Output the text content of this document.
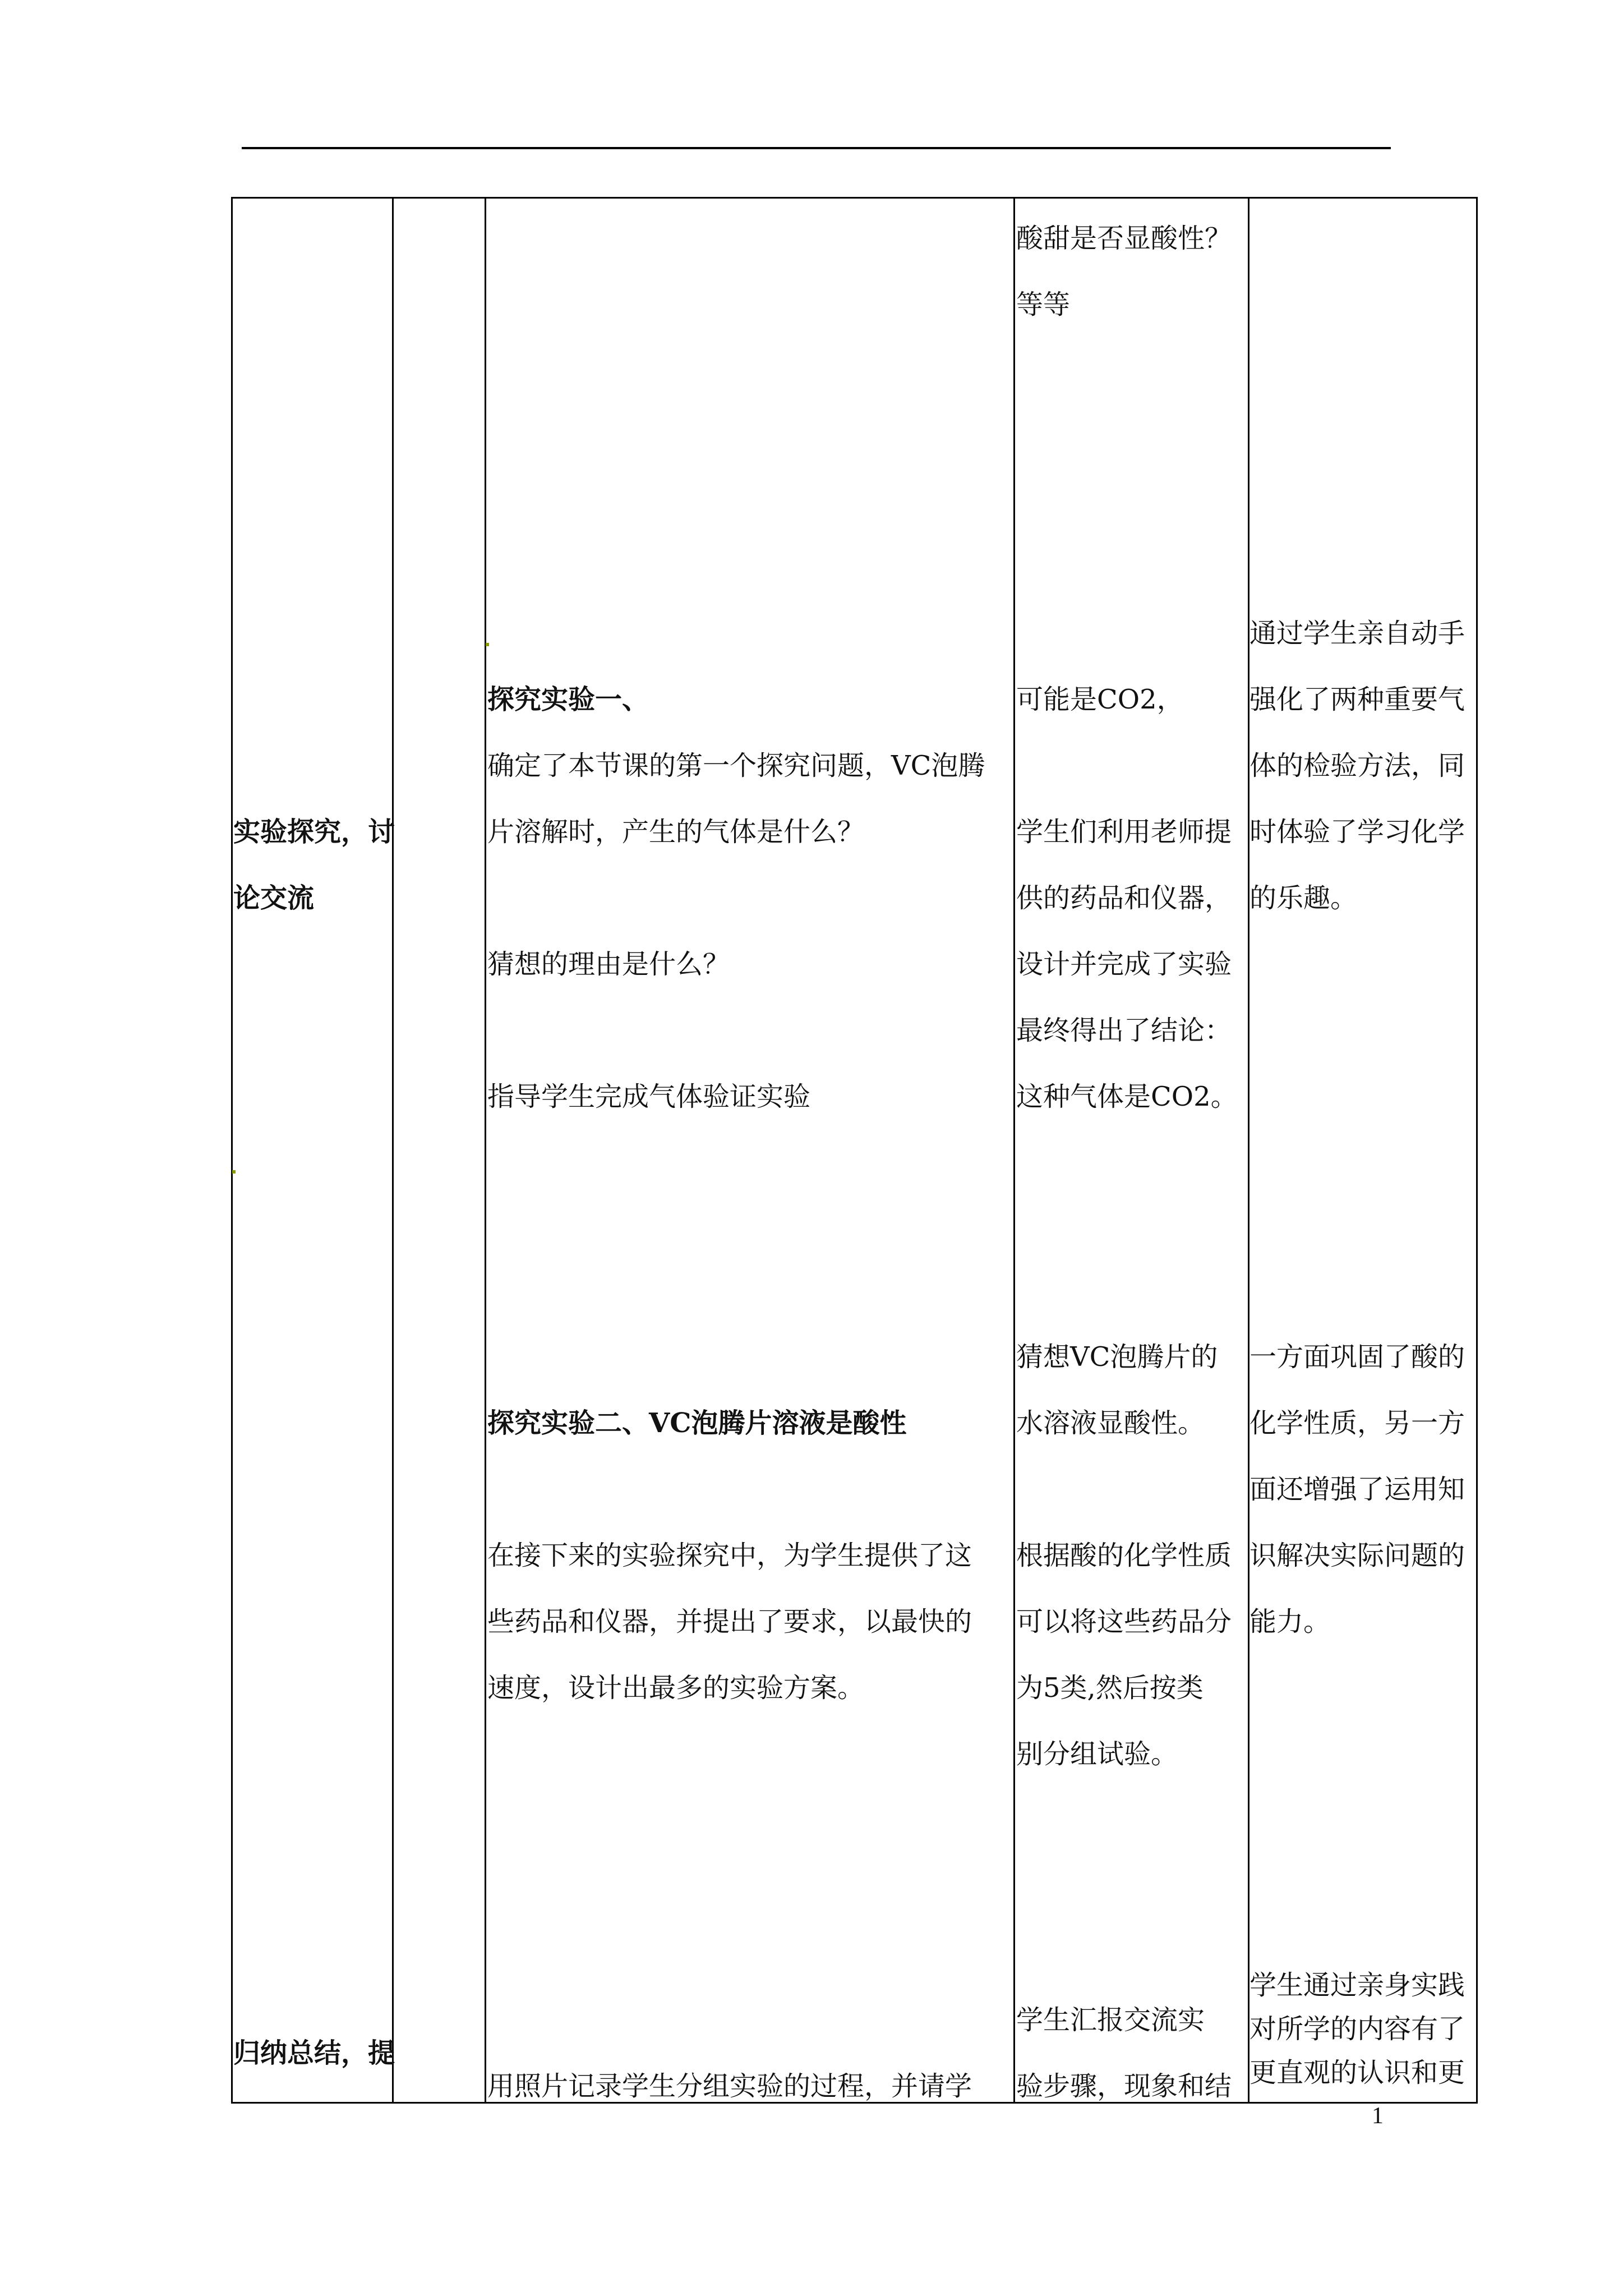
实验探究，讨
论交流
归纳总结，提
探究实验一、
确定了本节课的第一个探究问题，VC泡腾
片溶解时，产生的气体是什么？
猜想的理由是什么？
指导学生完成气体验证实验
探究实验二、VC泡腾片溶液是酸性
在接下来的实验探究中，为学生提供了这
些药品和仪器，并提出了要求，以最快的
速度，设计出最多的实验方案。
用照片记录学生分组实验的过程，并请学
酸甜是否显酸性？
等等
可能是CO2，
学生们利用老师提
供的药品和仪器，
设计并完成了实验
最终得出了结论：
这种气体是CO2。
猜想VC泡腾片的
水溶液显酸性。
根据酸的化学性质
可以将这些药品分
为5类,然后按类
别分组试验。
学生汇报交流实
验步骤，现象和结
通过学生亲自动手
强化了两种重要气
体的检验方法，同
时体验了学习化学
的乐趣。
一方面巩固了酸的
化学性质，另一方
面还增强了运用知
识解决实际问题的
能力。
学生通过亲身实践
对所学的内容有了
更直观的认识和更
1
